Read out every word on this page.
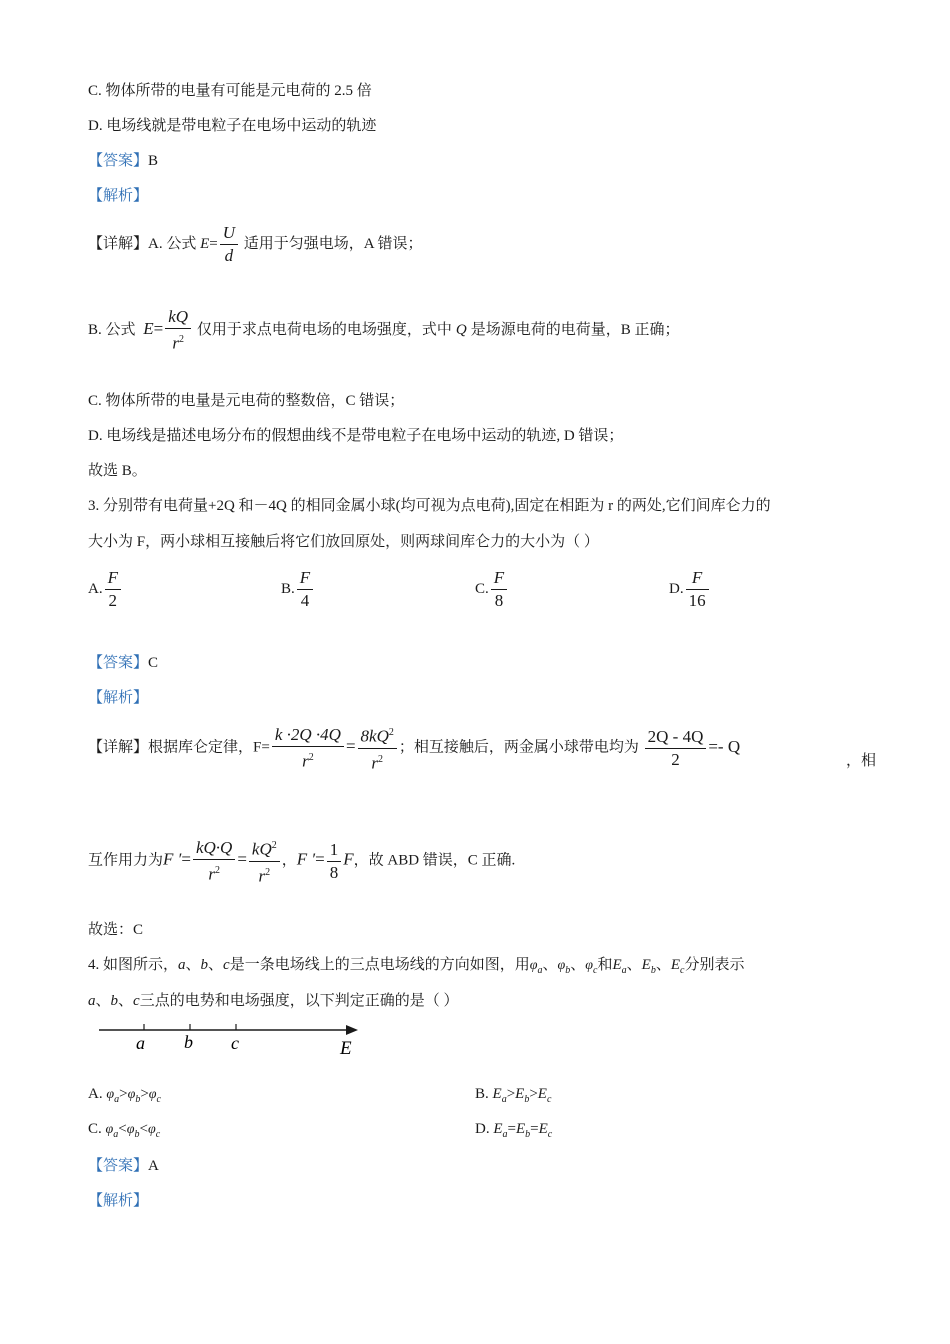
C. 物体所带的电量有可能是元电荷的 2.5 倍
D. 电场线就是带电粒子在电场中运动的轨迹
【答案】B
【解析】
【详解】A. 公式 $E= \frac{U}{d}$ 适用于匀强电场，A 错误；
B. 公式 $E= \frac{kQ}{r^2}$ 仅用于求点电荷电场的电场强度，式中 Q 是场源电荷的电荷量，B 正确；
C. 物体所带的电量是元电荷的整数倍，C 错误；
D. 电场线是描述电场分布的假想曲线不是带电粒子在电场中运动的轨迹, D 错误；
故选 B。
3. 分别带有电荷量+2Q 和－4Q 的相同金属小球(均可视为点电荷),固定在相距为 r 的两处,它们间库仑力的
大小为 F，两小球相互接触后将它们放回原处，则两球间库仑力的大小为（ ）
A. $\frac{F}{2}$	B. $\frac{F}{4}$	C. $\frac{F}{8}$	D. $\frac{F}{16}$
【答案】C
【解析】
【详解】根据库仑定律，$F= \frac{k \cdot 2Q \cdot 4Q}{r^2} = \frac{8kQ^2}{r^2}$ ；相互接触后，两金属小球带电均为 $\frac{2Q - 4Q}{2} =- Q$
，相
互作用力为F ′= $\frac{kQ\cdot Q}{r^2} = \frac{kQ^2}{r^2}$ ，F ′= $\frac{1}{8}$ F，故 ABD 错误，C 正确.
故选：C
4. 如图所示，a、b、c是一条电场线上的三点电场线的方向如图，用$\varphi_a$、$\varphi_b$、$\varphi_c$和$E_a$、$E_b$、$E_c$分别表示
a、b、c三点的电势和电场强度，以下判定正确的是（ ）
a b c	E
A. $\varphi_a>\varphi_b>\varphi_c$	B. $E_a>E_b>E_c$
C. $\varphi_a<\varphi_b<\varphi_c$	D. $E_a=E_b=E_c$
【答案】A
【解析】
